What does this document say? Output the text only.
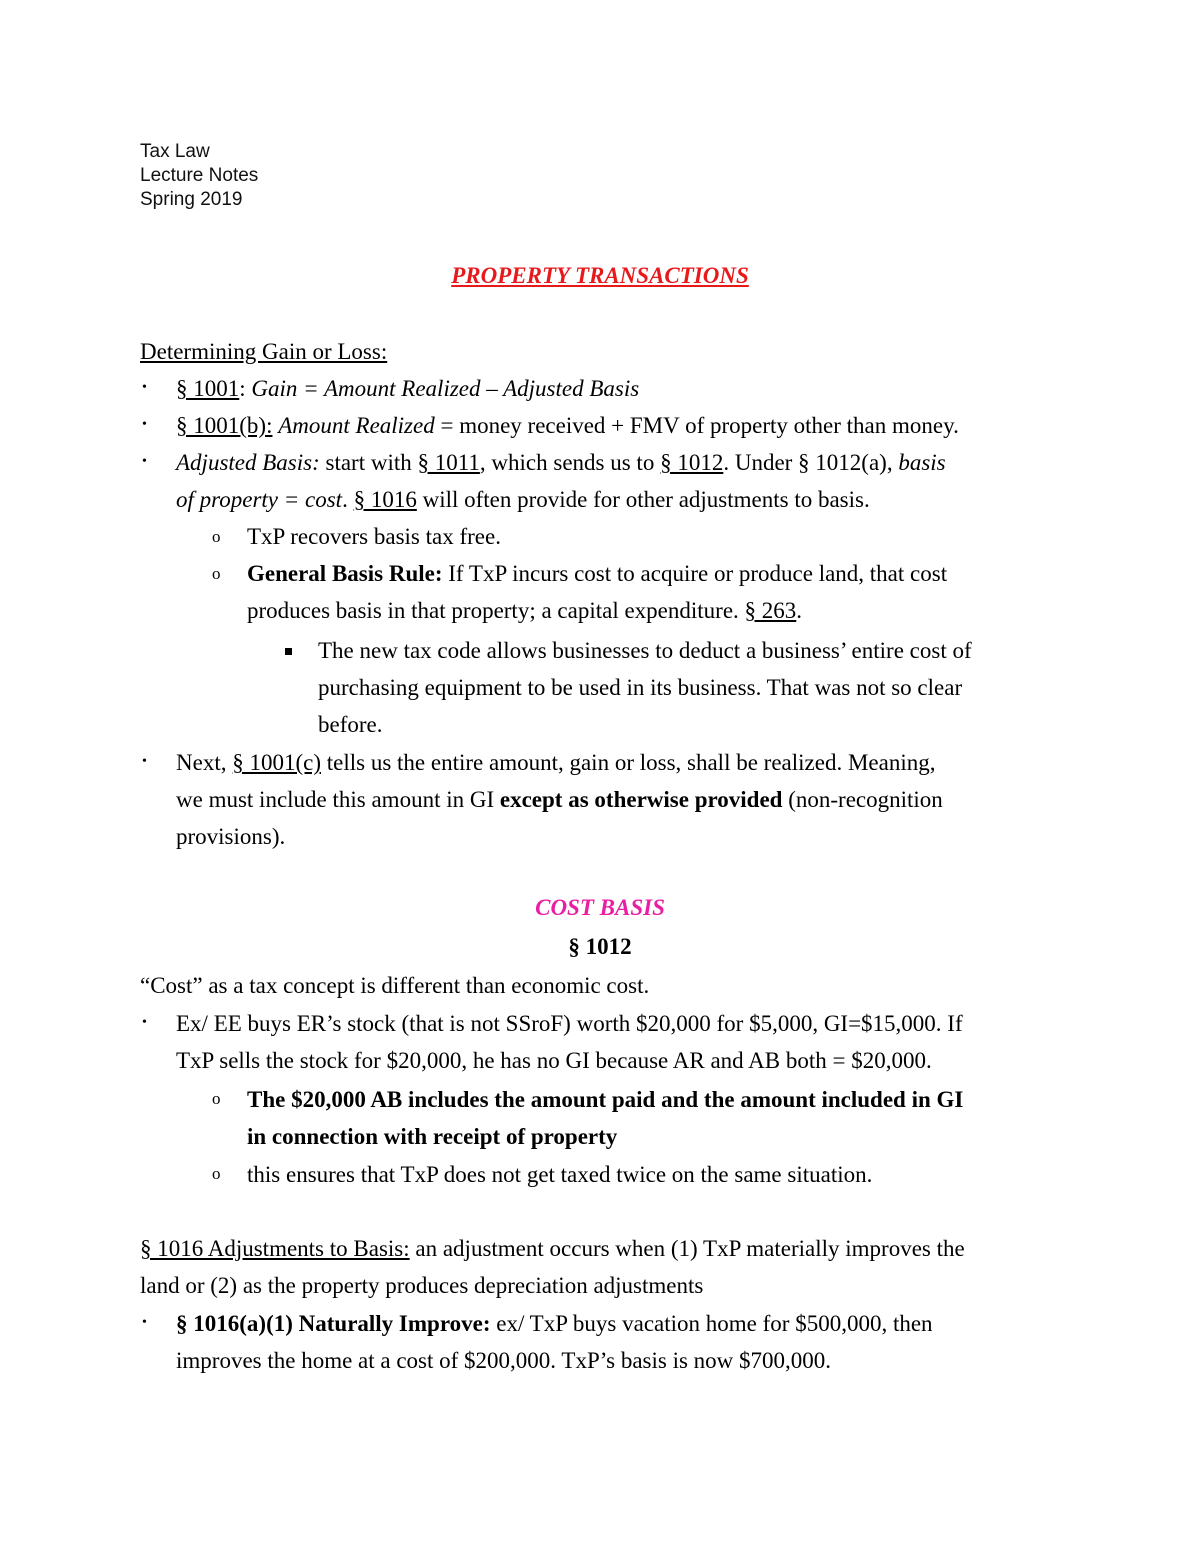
Tax Law
Lecture Notes
Spring 2019
PROPERTY TRANSACTIONS
Determining Gain or Loss:
• § 1001: Gain = Amount Realized – Adjusted Basis
• § 1001(b): Amount Realized = money received + FMV of property other than money.
• Adjusted Basis: start with § 1011, which sends us to § 1012. Under § 1012(a), basis
of property = cost. § 1016 will often provide for other adjustments to basis.
o TxP recovers basis tax free.
o General Basis Rule: If TxP incurs cost to acquire or produce land, that cost
produces basis in that property; a capital expenditure. § 263.
The new tax code allows businesses to deduct a business’ entire cost of
purchasing equipment to be used in its business. That was not so clear
before.
• Next, § 1001(c) tells us the entire amount, gain or loss, shall be realized. Meaning,
we must include this amount in GI except as otherwise provided (non-recognition
provisions).
COST BASIS
§ 1012
“Cost” as a tax concept is different than economic cost.
• Ex/ EE buys ER’s stock (that is not SSroF) worth $20,000 for $5,000, GI=$15,000. If
TxP sells the stock for $20,000, he has no GI because AR and AB both = $20,000.
o The $20,000 AB includes the amount paid and the amount included in GI
in connection with receipt of property
o this ensures that TxP does not get taxed twice on the same situation.
§ 1016 Adjustments to Basis: an adjustment occurs when (1) TxP materially improves the
land or (2) as the property produces depreciation adjustments
• § 1016(a)(1) Naturally Improve: ex/ TxP buys vacation home for $500,000, then
improves the home at a cost of $200,000. TxP’s basis is now $700,000.
